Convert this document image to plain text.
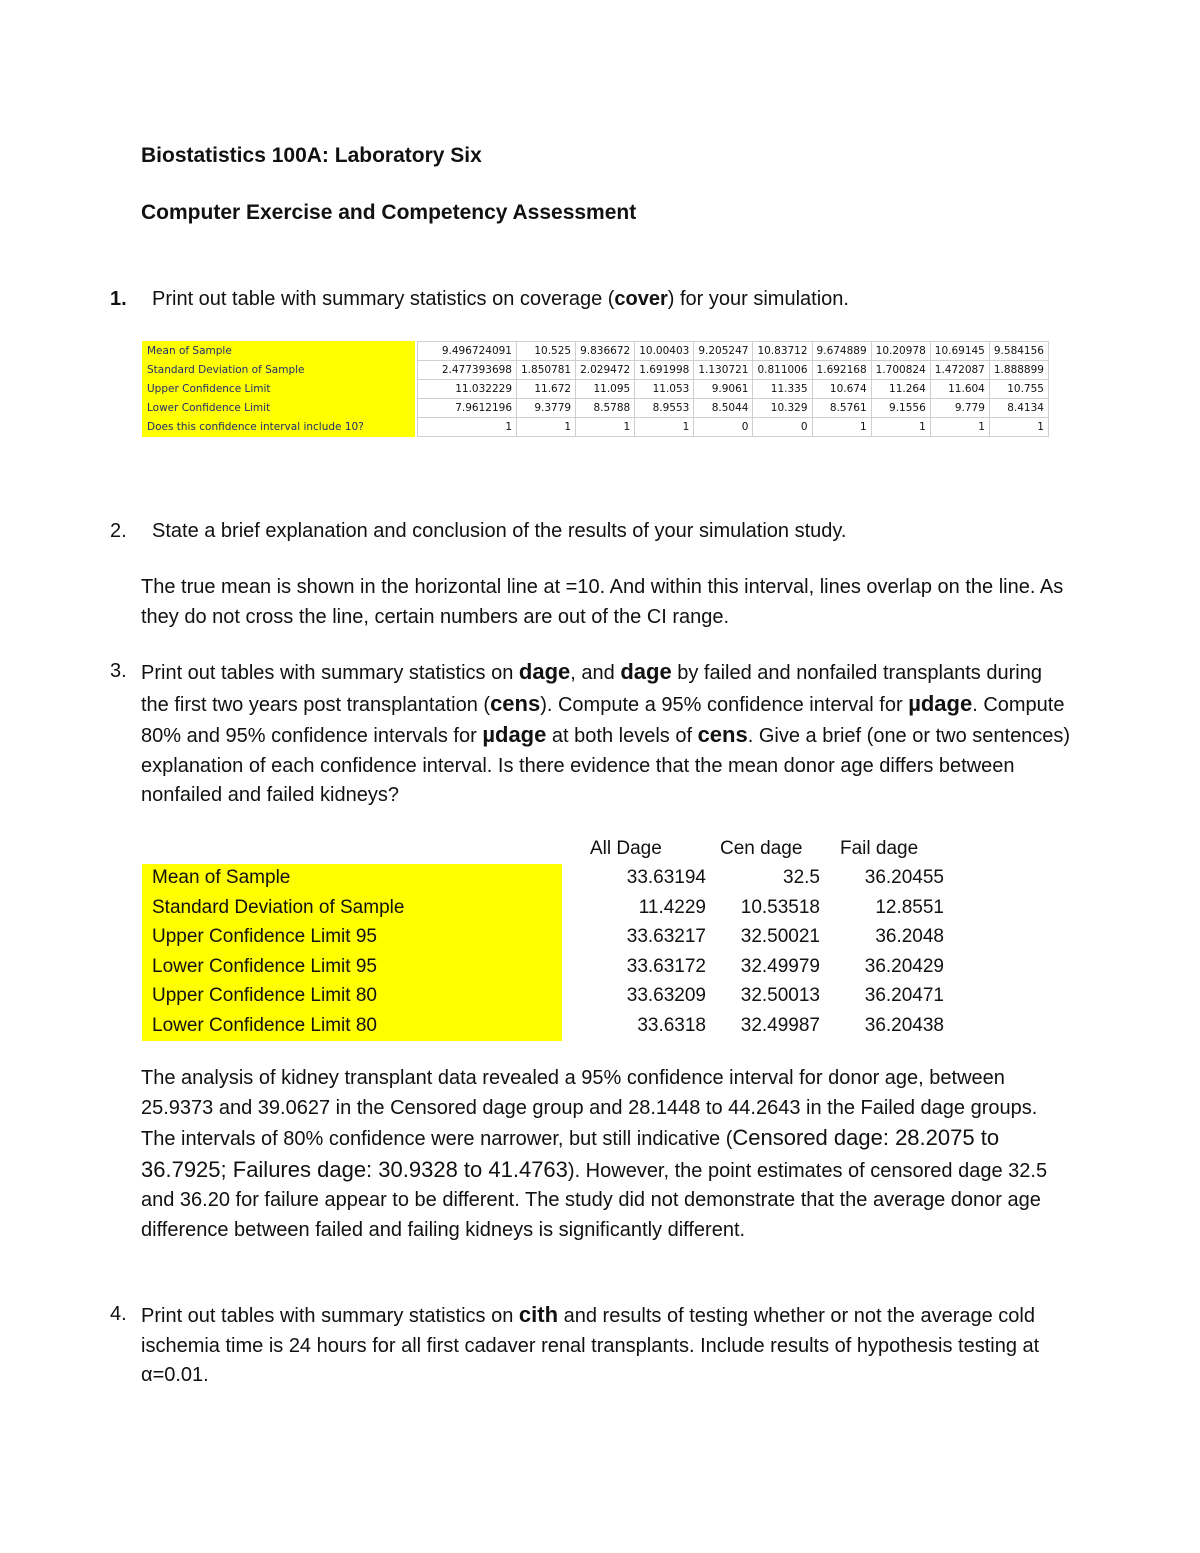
Biostatistics 100A: Laboratory Six
Computer Exercise and Competency Assessment
1. Print out table with summary statistics on coverage (cover) for your simulation.
Mean of Sample		9.496724091	10.525	9.836672	10.00403	9.205247	10.83712	9.674889	10.20978	10.69145	9.584156
Standard Deviation of Sample		2.477393698	1.850781	2.029472	1.691998	1.130721	0.811006	1.692168	1.700824	1.472087	1.888899
Upper Confidence Limit		11.032229	11.672	11.095	11.053	9.9061	11.335	10.674	11.264	11.604	10.755
Lower Confidence Limit		7.9612196	9.3779	8.5788	8.9553	8.5044	10.329	8.5761	9.1556	9.779	8.4134
Does this confidence interval include 10?		1	1	1	1	0	0	1	1	1	1
2. State a brief explanation and conclusion of the results of your simulation study.
The true mean is shown in the horizontal line at =10. And within this interval, lines overlap on the line. As they do not cross the line, certain numbers are out of the CI range.
3. Print out tables with summary statistics on dage, and dage by failed and nonfailed transplants during the first two years post transplantation (cens). Compute a 95% confidence interval for µdage. Compute 80% and 95% confidence intervals for µdage at both levels of cens. Give a brief (one or two sentences) explanation of each confidence interval. Is there evidence that the mean donor age differs between nonfailed and failed kidneys?
	All Dage	Cen dage	Fail dage
Mean of Sample	33.63194	32.5	36.20455
Standard Deviation of Sample	11.4229	10.53518	12.8551
Upper Confidence Limit 95	33.63217	32.50021	36.2048
Lower Confidence Limit 95	33.63172	32.49979	36.20429
Upper Confidence Limit 80	33.63209	32.50013	36.20471
Lower Confidence Limit 80	33.6318	32.49987	36.20438
The analysis of kidney transplant data revealed a 95% confidence interval for donor age, between 25.9373 and 39.0627 in the Censored dage group and 28.1448 to 44.2643 in the Failed dage groups. The intervals of 80% confidence were narrower, but still indicative (Censored dage: 28.2075 to 36.7925; Failures dage: 30.9328 to 41.4763). However, the point estimates of censored dage 32.5 and 36.20 for failure appear to be different. The study did not demonstrate that the average donor age difference between failed and failing kidneys is significantly different.
4. Print out tables with summary statistics on cith and results of testing whether or not the average cold ischemia time is 24 hours for all first cadaver renal transplants. Include results of hypothesis testing at α=0.01.
